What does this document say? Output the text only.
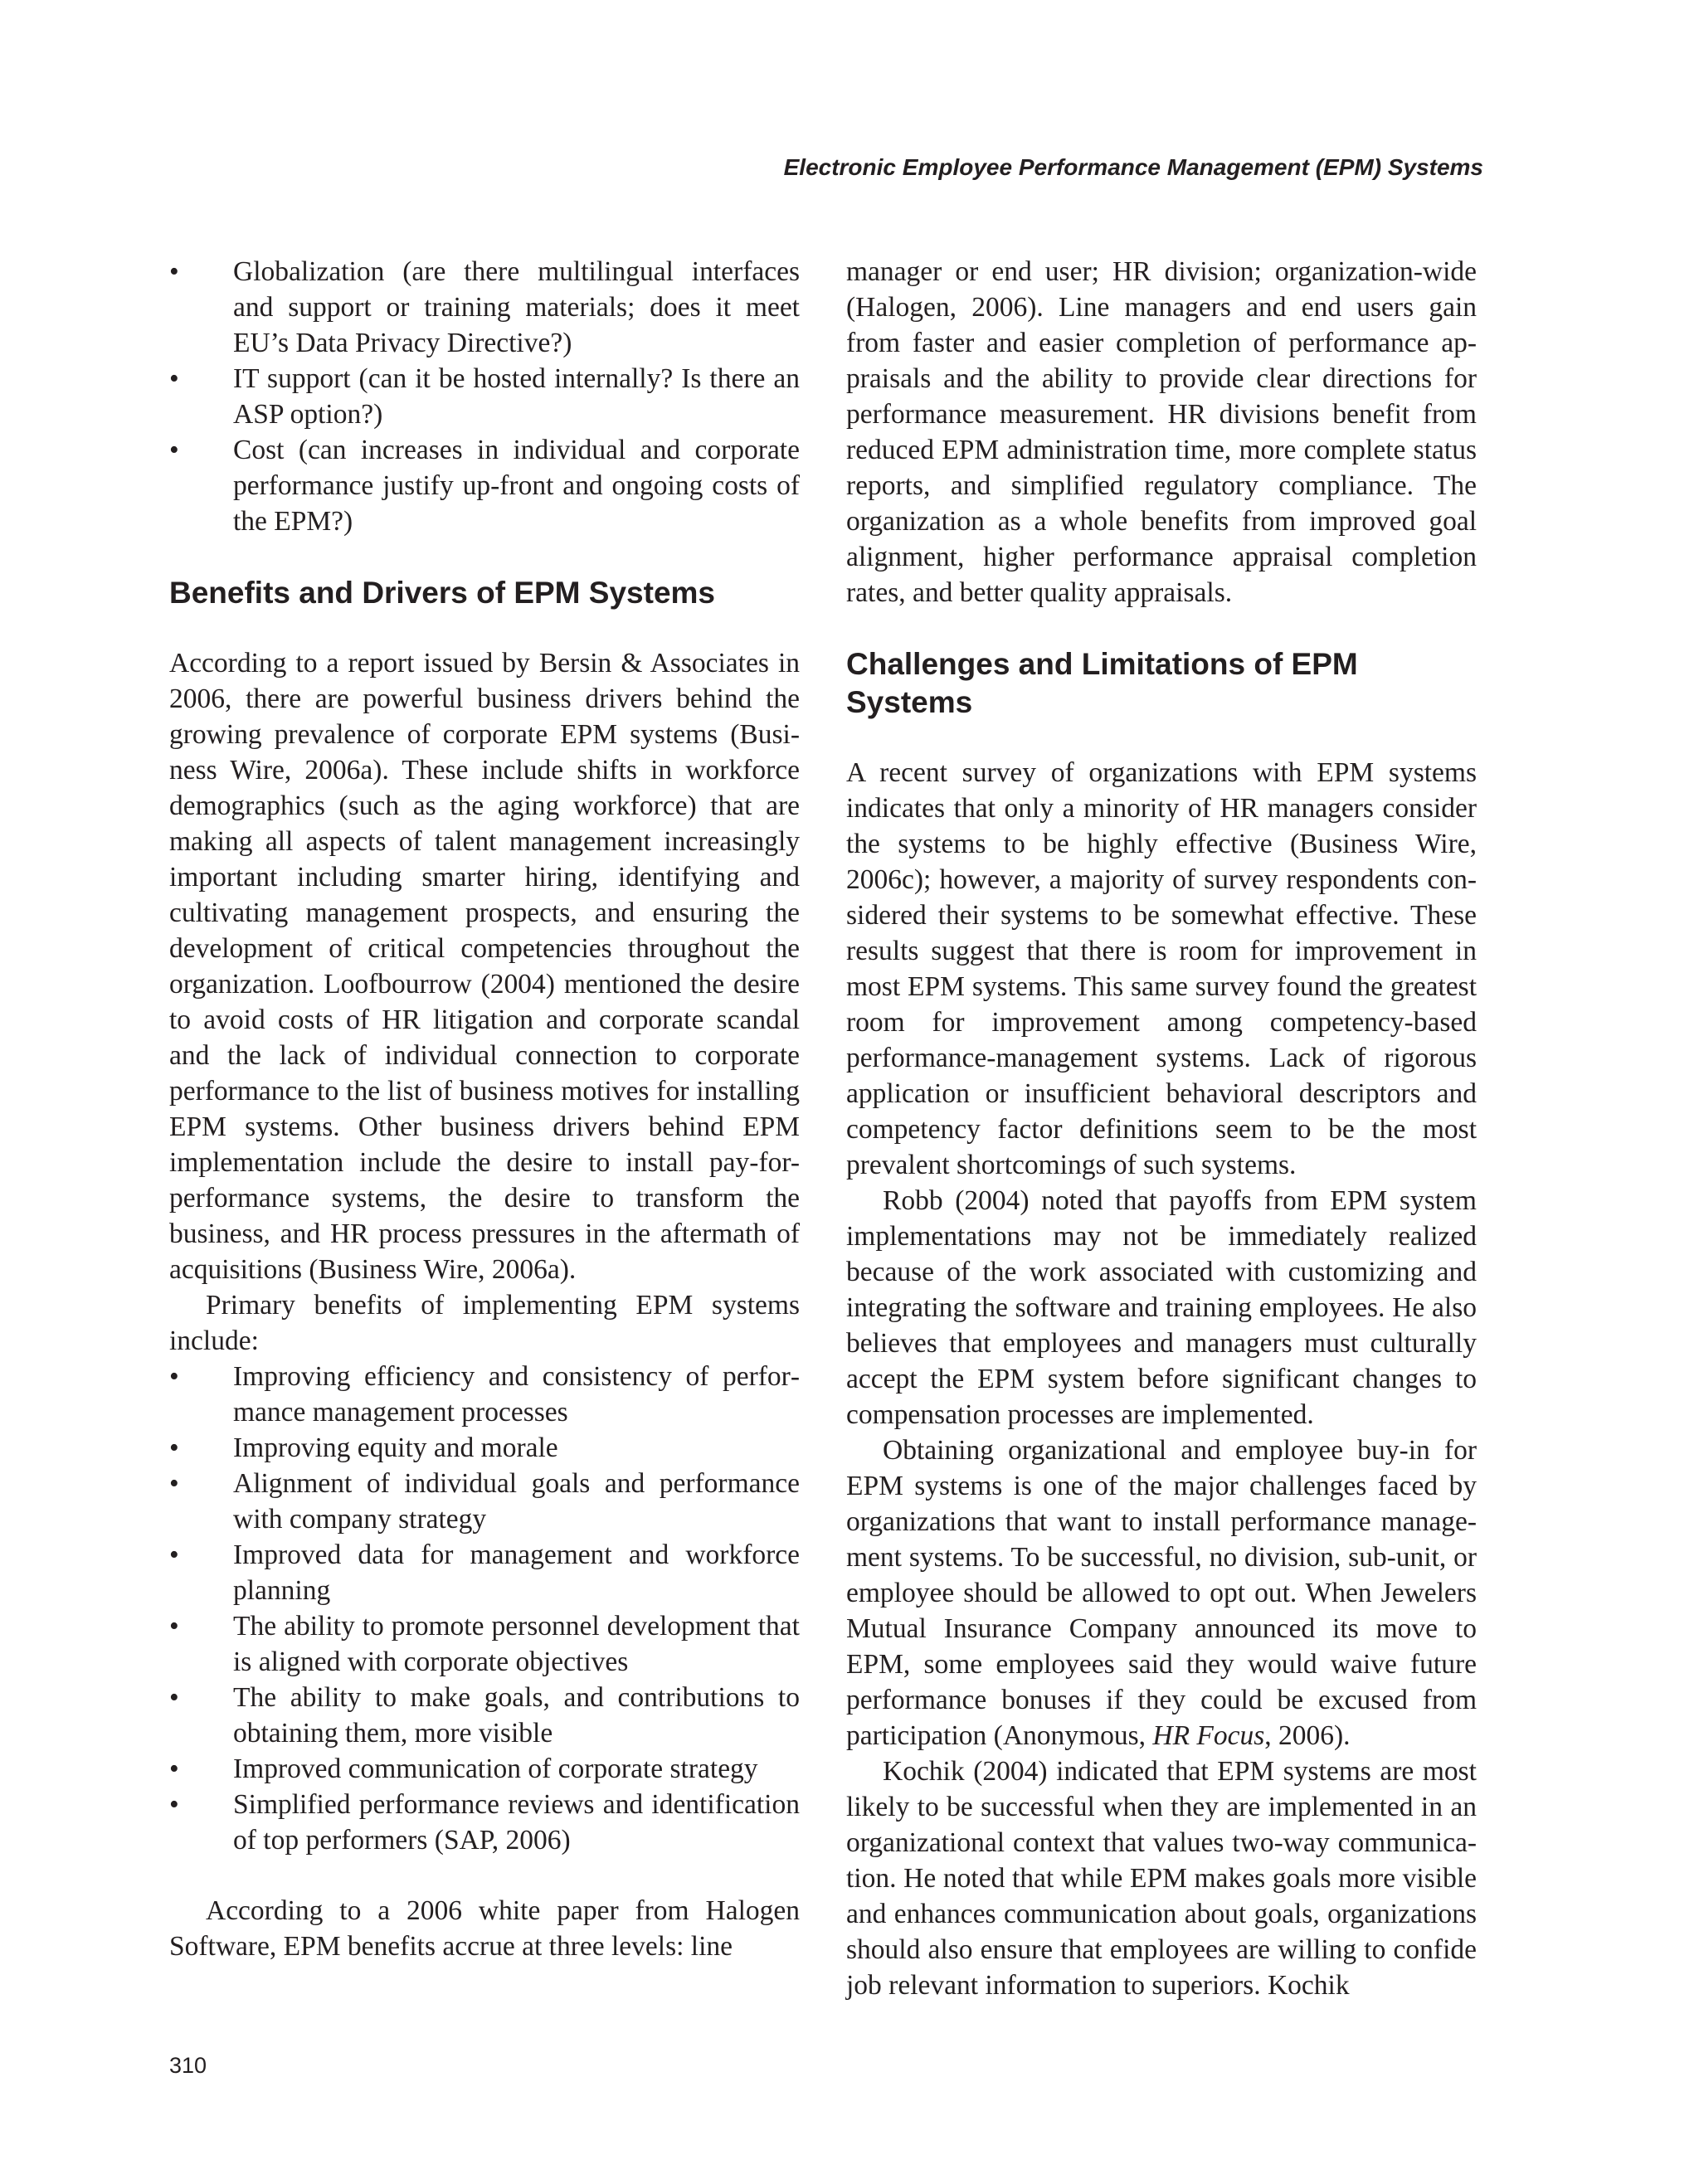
Electronic Employee Performance Management (EPM) Systems
• Globalization (are there multilingual interfaces and support or training materials; does it meet EU’s Data Privacy Directive?)
• IT support (can it be hosted internally? Is there an ASP option?)
• Cost (can increases in individual and corporate performance justify up-front and ongoing costs of the EPM?)
Benefits and Drivers of EPM Systems

According to a report issued by Bersin & Associates in 2006, there are powerful business drivers behind the growing prevalence of corporate EPM systems (Business Wire, 2006a). These include shifts in workforce demographics (such as the aging workforce) that are making all aspects of talent management increasingly important including smarter hiring, identifying and cultivating management prospects, and ensuring the development of critical competencies throughout the organization. Loofbourrow (2004) mentioned the desire to avoid costs of HR litigation and corporate scandal and the lack of individual connection to corporate performance to the list of business motives for installing EPM systems. Other business drivers behind EPM implementation include the desire to install pay-for-performance systems, the desire to transform the business, and HR process pressures in the aftermath of acquisitions (Business Wire, 2006a).

Primary benefits of implementing EPM systems include:

• Improving efficiency and consistency of performance management processes
• Improving equity and morale
• Alignment of individual goals and performance with company strategy
• Improved data for management and workforce planning
• The ability to promote personnel development that is aligned with corporate objectives
• The ability to make goals, and contributions to obtaining them, more visible
• Improved communication of corporate strategy
• Simplified performance reviews and identification of top performers (SAP, 2006)

According to a 2006 white paper from Halogen Software, EPM benefits accrue at three levels: line

manager or end user; HR division; organization-wide (Halogen, 2006). Line managers and end users gain from faster and easier completion of performance appraisals and the ability to provide clear directions for performance measurement. HR divisions benefit from reduced EPM administration time, more complete status reports, and simplified regulatory compliance. The organization as a whole benefits from improved goal alignment, higher performance appraisal completion rates, and better quality appraisals.

Challenges and Limitations of EPM Systems

A recent survey of organizations with EPM systems indicates that only a minority of HR managers consider the systems to be highly effective (Business Wire, 2006c); however, a majority of survey respondents considered their systems to be somewhat effective. These results suggest that there is room for improvement in most EPM systems. This same survey found the greatest room for improvement among competency-based performance-management systems. Lack of rigorous application or insufficient behavioral descriptors and competency factor definitions seem to be the most prevalent shortcomings of such systems.

Robb (2004) noted that payoffs from EPM system implementations may not be immediately realized because of the work associated with customizing and integrating the software and training employees. He also believes that employees and managers must culturally accept the EPM system before significant changes to compensation processes are implemented.

Obtaining organizational and employee buy-in for EPM systems is one of the major challenges faced by organizations that want to install performance management systems. To be successful, no division, sub-unit, or employee should be allowed to opt out. When Jewelers Mutual Insurance Company announced its move to EPM, some employees said they would waive future performance bonuses if they could be excused from participation (Anonymous, HR Focus, 2006).

Kochik (2004) indicated that EPM systems are most likely to be successful when they are implemented in an organizational context that values two-way communication. He noted that while EPM makes goals more visible and enhances communication about goals, organizations should also ensure that employees are willing to confide job relevant information to superiors. Kochik

310
